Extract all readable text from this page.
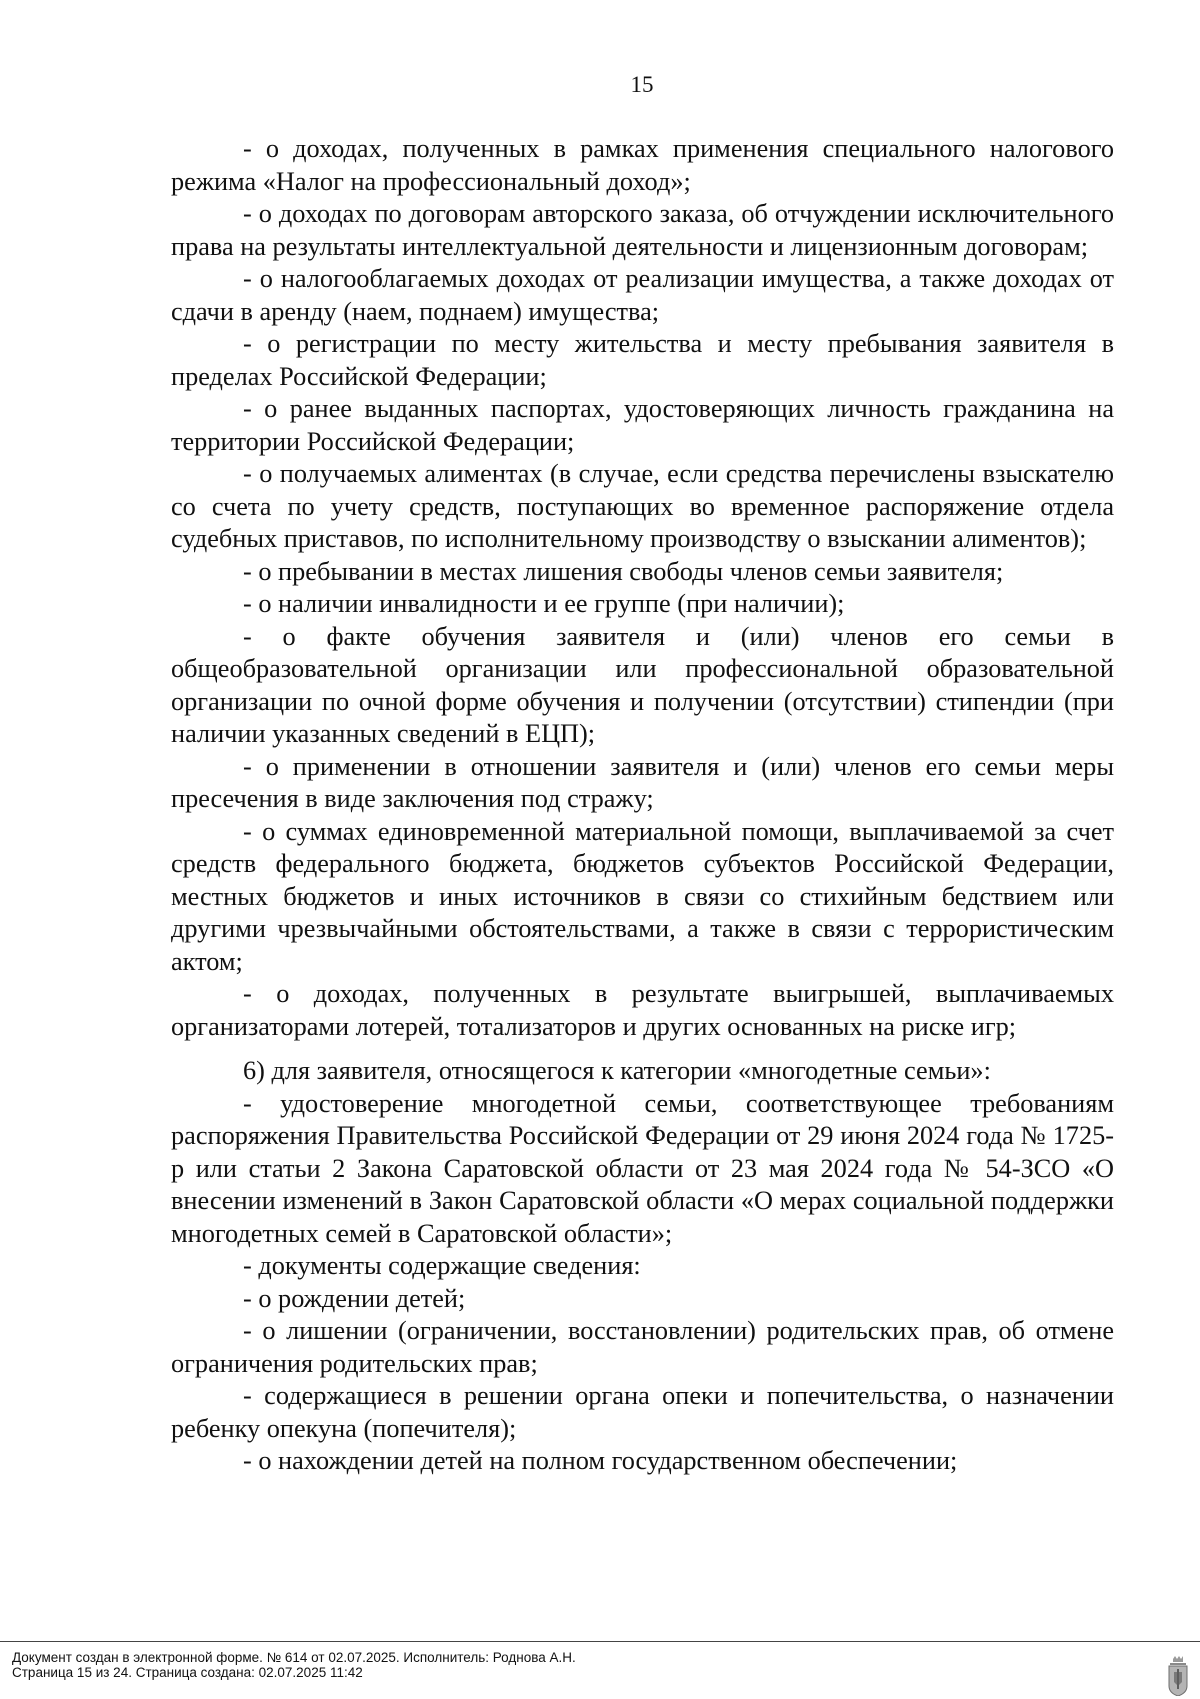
15

- о доходах, полученных в рамках применения специального налогового режима «Налог на профессиональный доход»;

- о доходах по договорам авторского заказа, об отчуждении исключительного права на результаты интеллектуальной деятельности и лицензионным договорам;

- о налогооблагаемых доходах от реализации имущества, а также доходах от сдачи в аренду (наем, поднаем) имущества;

- о регистрации по месту жительства и месту пребывания заявителя в пределах Российской Федерации;

- о ранее выданных паспортах, удостоверяющих личность гражданина на территории Российской Федерации;

- о получаемых алиментах (в случае, если средства перечислены взыскателю со счета по учету средств, поступающих во временное распоряжение отдела судебных приставов, по исполнительному производству о взыскании алиментов);

- о пребывании в местах лишения свободы членов семьи заявителя;

- о наличии инвалидности и ее группе (при наличии);

- о факте обучения заявителя и (или) членов его семьи в общеобразовательной организации или профессиональной образовательной организации по очной форме обучения и получении (отсутствии) стипендии (при наличии указанных сведений в ЕЦП);

- о применении в отношении заявителя и (или) членов его семьи меры пресечения в виде заключения под стражу;

- о суммах единовременной материальной помощи, выплачиваемой за счет средств федерального бюджета, бюджетов субъектов Российской Федерации, местных бюджетов и иных источников в связи со стихийным бедствием или другими чрезвычайными обстоятельствами, а также в связи с террористическим актом;

- о доходах, полученных в результате выигрышей, выплачиваемых организаторами лотерей, тотализаторов и других основанных на риске игр;

6) для заявителя, относящегося к категории «многодетные семьи»:

- удостоверение многодетной семьи, соответствующее требованиям распоряжения Правительства Российской Федерации от 29 июня 2024 года № 1725-р или статьи 2 Закона Саратовской области от 23 мая 2024 года № 54-ЗСО «О внесении изменений в Закон Саратовской области «О мерах социальной поддержки многодетных семей в Саратовской области»;

- документы содержащие сведения:

- о рождении детей;

- о лишении (ограничении, восстановлении) родительских прав, об отмене ограничения родительских прав;

- содержащиеся в решении органа опеки и попечительства, о назначении ребенку опекуна (попечителя);

- о нахождении детей на полном государственном обеспечении;

Документ создан в электронной форме. № 614 от 02.07.2025. Исполнитель: Роднова А.Н.
Страница 15 из 24. Страница создана: 02.07.2025 11:42
